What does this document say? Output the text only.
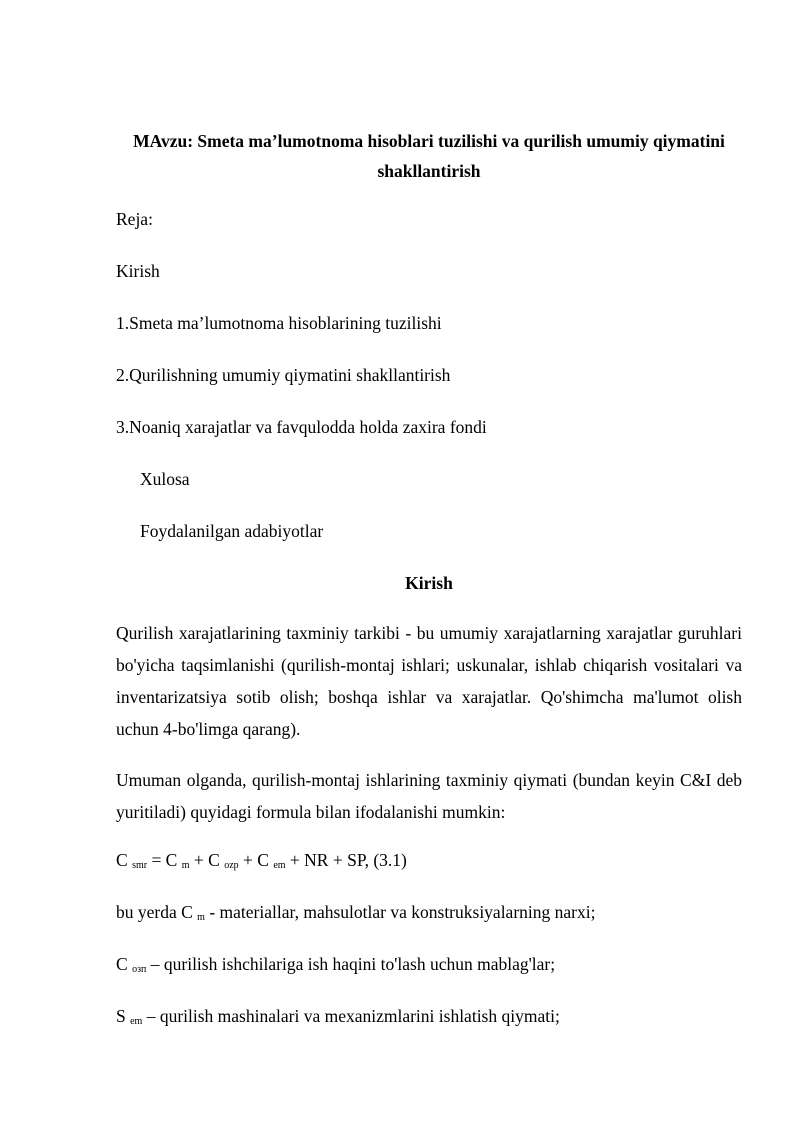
MAvzu: Smeta ma’lumotnoma hisoblari tuzilishi va qurilish umumiy qiymatini shakllantirish

Reja:

Kirish

1.Smeta ma’lumotnoma hisoblarining tuzilishi

2.Qurilishning umumiy qiymatini shakllantirish

3.Noaniq xarajatlar va favqulodda holda zaxira fondi

Xulosa

Foydalanilgan adabiyotlar

Kirish

Qurilish xarajatlarining taxminiy tarkibi - bu umumiy xarajatlarning xarajatlar guruhlari bo'yicha taqsimlanishi (qurilish-montaj ishlari; uskunalar, ishlab chiqarish vositalari va inventarizatsiya sotib olish; boshqa ishlar va xarajatlar. Qo'shimcha ma'lumot olish uchun 4-bo'limga qarang).

Umuman olganda, qurilish-montaj ishlarining taxminiy qiymati (bundan keyin C&I deb yuritiladi) quyidagi formula bilan ifodalanishi mumkin:

C $_{smr}$ = C $_m$ + C $_{ozp}$ + C $_{em}$ + NR + SP, (3.1)

bu yerda C $_m$ - materiallar, mahsulotlar va konstruksiyalarning narxi;

C $_{озп}$ – qurilish ishchilariga ish haqini to'lash uchun mablag'lar;

S $_{em}$ – qurilish mashinalari va mexanizmlarini ishlatish qiymati;
